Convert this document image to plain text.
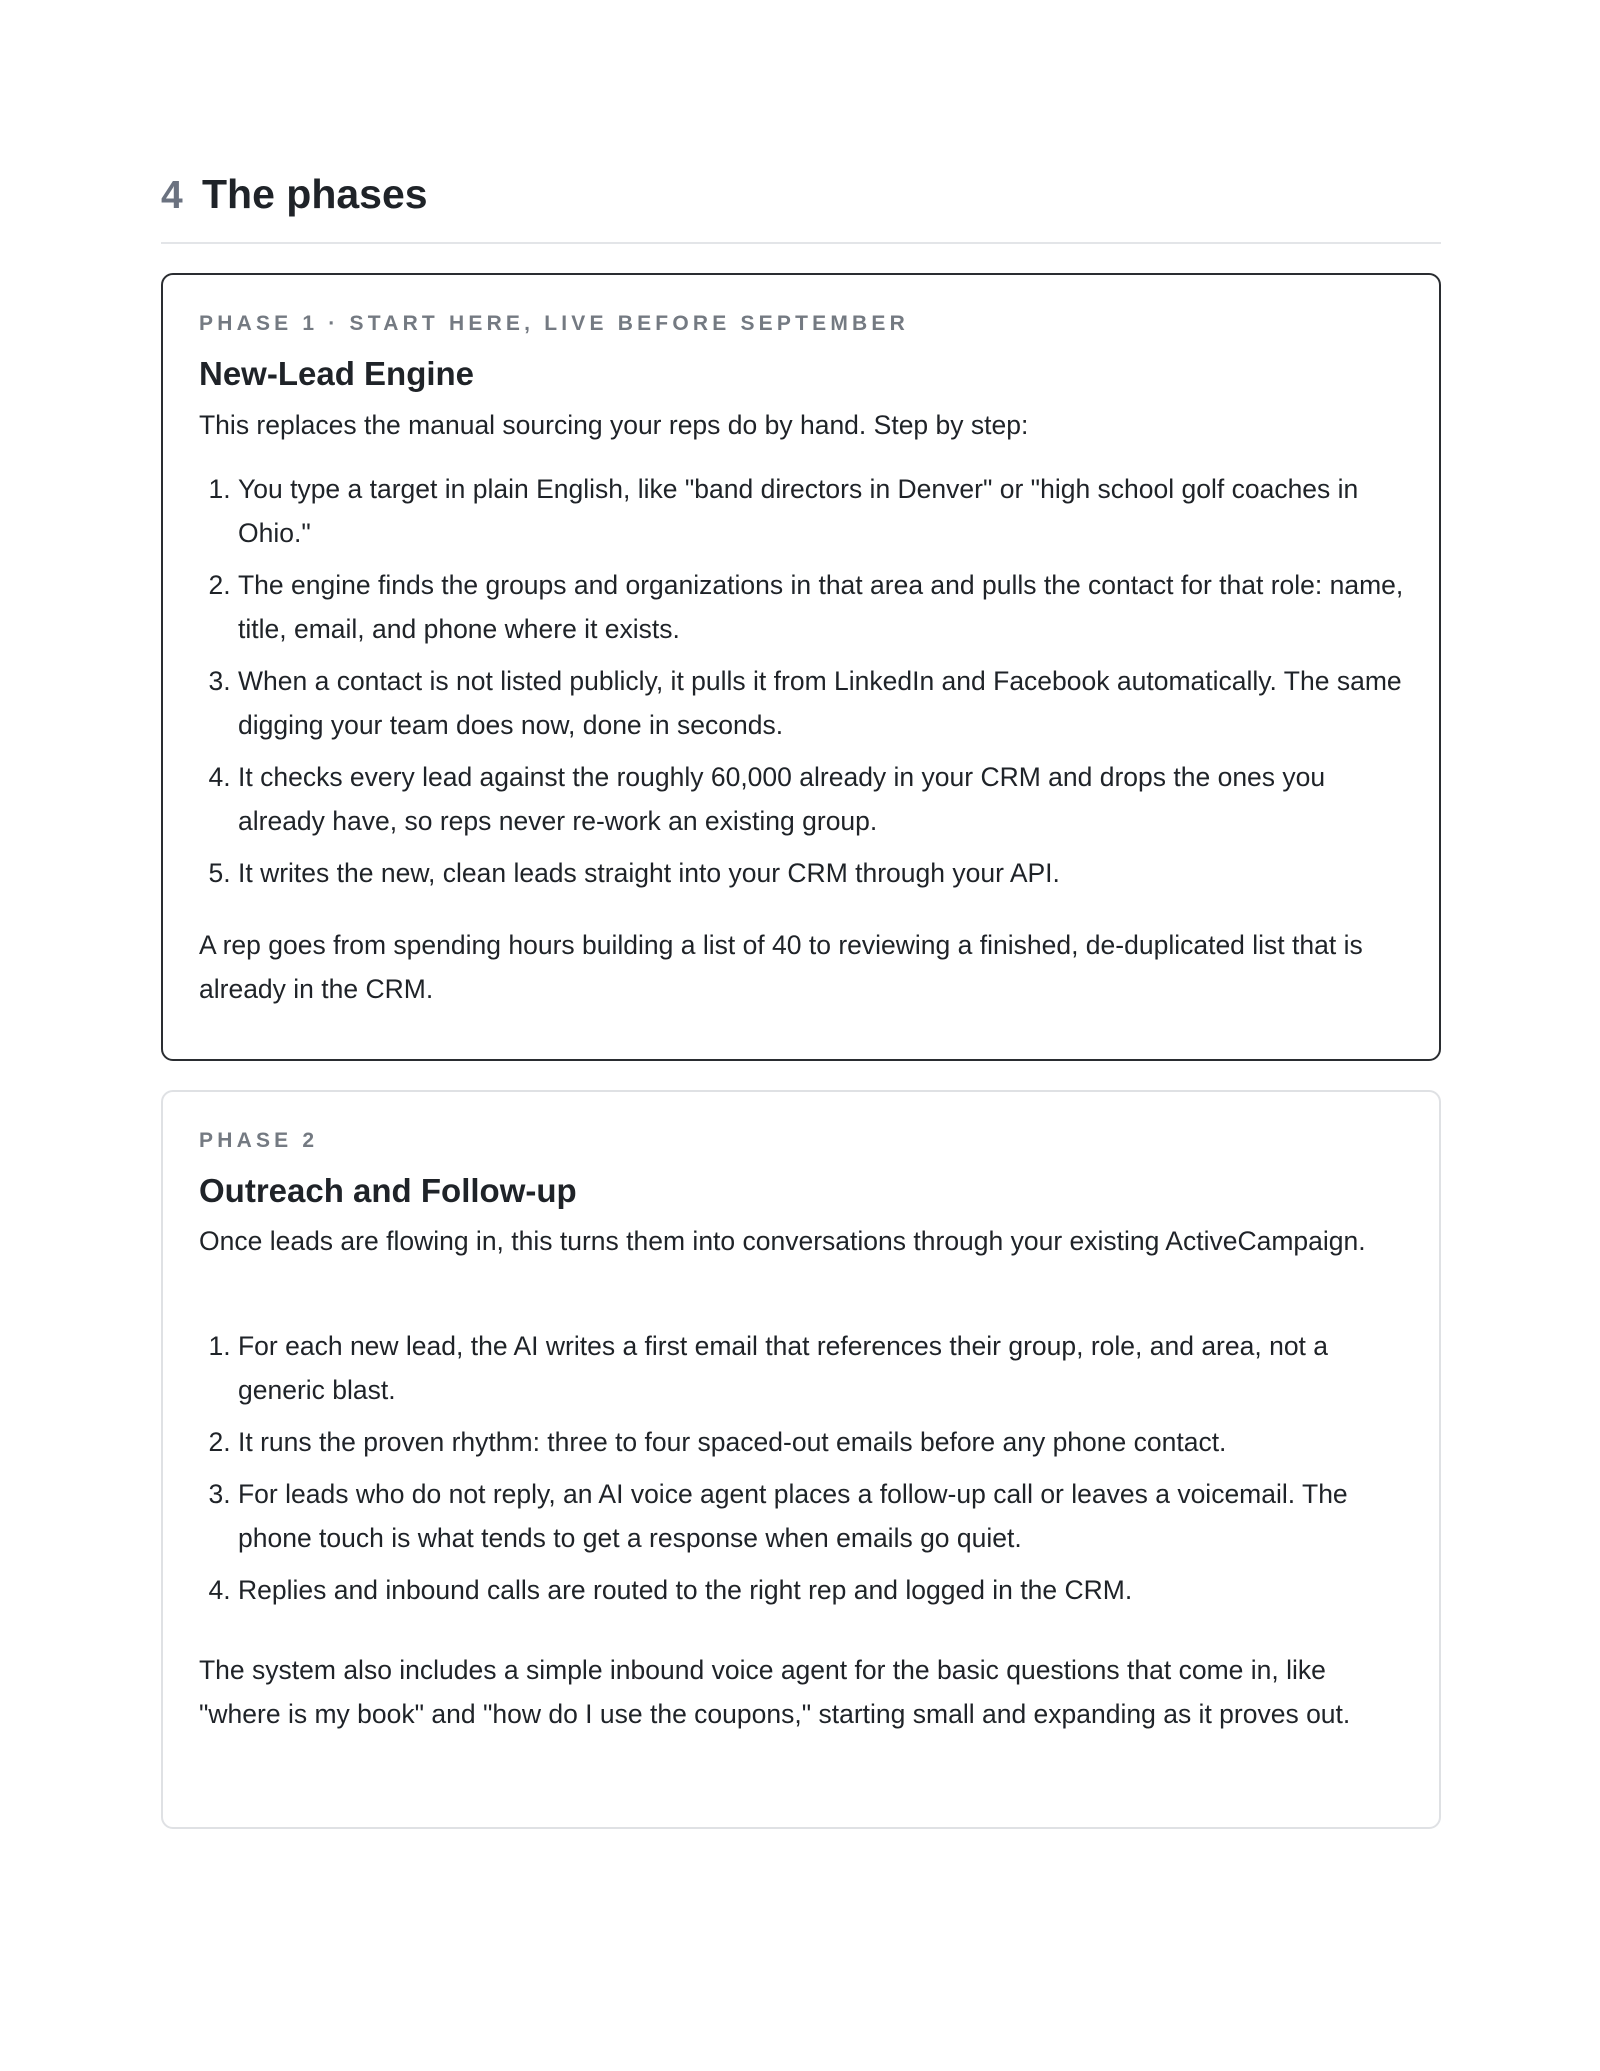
4 The phases
PHASE 1 · START HERE, LIVE BEFORE SEPTEMBER
New-Lead Engine

This replaces the manual sourcing your reps do by hand. Step by step:

1. You type a target in plain English, like "band directors in Denver" or "high school golf coaches in Ohio."
2. The engine finds the groups and organizations in that area and pulls the contact for that role: name, title, email, and phone where it exists.
3. When a contact is not listed publicly, it pulls it from LinkedIn and Facebook automatically. The same digging your team does now, done in seconds.
4. It checks every lead against the roughly 60,000 already in your CRM and drops the ones you already have, so reps never re-work an existing group.
5. It writes the new, clean leads straight into your CRM through your API.

A rep goes from spending hours building a list of 40 to reviewing a finished, de-duplicated list that is already in the CRM.

PHASE 2
Outreach and Follow-up

Once leads are flowing in, this turns them into conversations through your existing ActiveCampaign.

1. For each new lead, the AI writes a first email that references their group, role, and area, not a generic blast.
2. It runs the proven rhythm: three to four spaced-out emails before any phone contact.
3. For leads who do not reply, an AI voice agent places a follow-up call or leaves a voicemail. The phone touch is what tends to get a response when emails go quiet.
4. Replies and inbound calls are routed to the right rep and logged in the CRM.

The system also includes a simple inbound voice agent for the basic questions that come in, like "where is my book" and "how do I use the coupons," starting small and expanding as it proves out.
